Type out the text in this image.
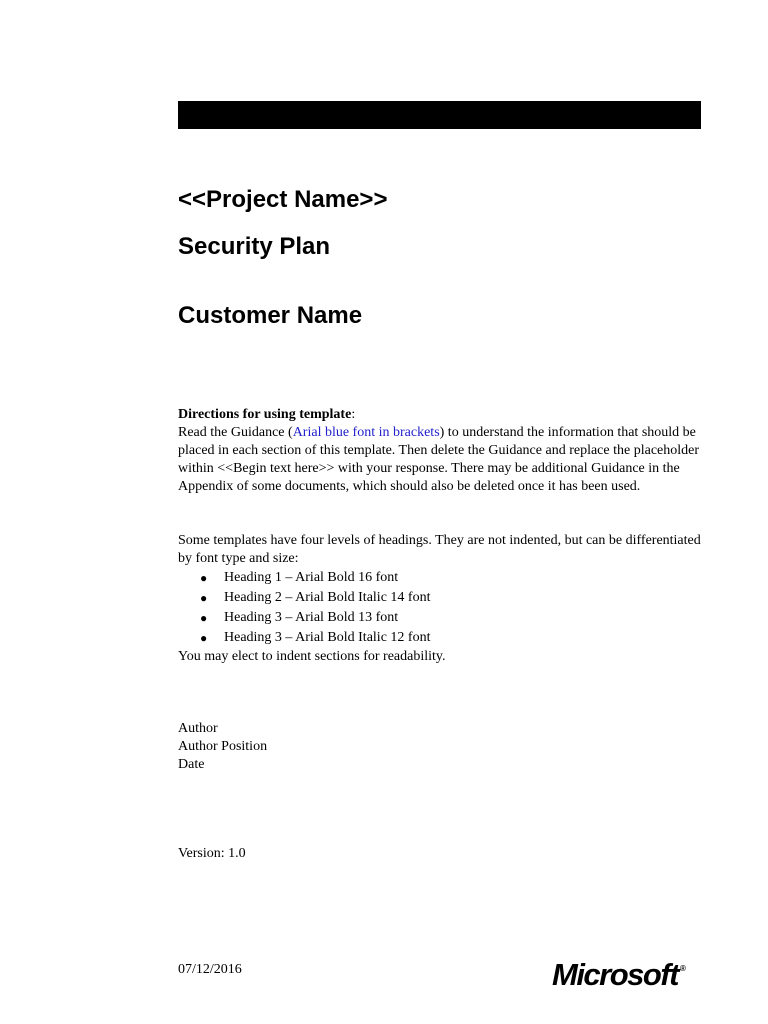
<<Project Name>>
Security Plan
Customer Name

Directions for using template:

Read the Guidance (Arial blue font in brackets) to understand the information that should be placed in each section of this template. Then delete the Guidance and replace the placeholder within <<Begin text here>> with your response. There may be additional Guidance in the Appendix of some documents, which should also be deleted once it has been used.

Some templates have four levels of headings. They are not indented, but can be differentiated by font type and size:

● Heading 1 – Arial Bold 16 font
● Heading 2 – Arial Bold Italic 14 font
● Heading 3 – Arial Bold 13 font
● Heading 3 – Arial Bold Italic 12 font

You may elect to indent sections for readability.

Author
Author Position
Date
Version: 1.0
07/12/2016	Microsoft ®
